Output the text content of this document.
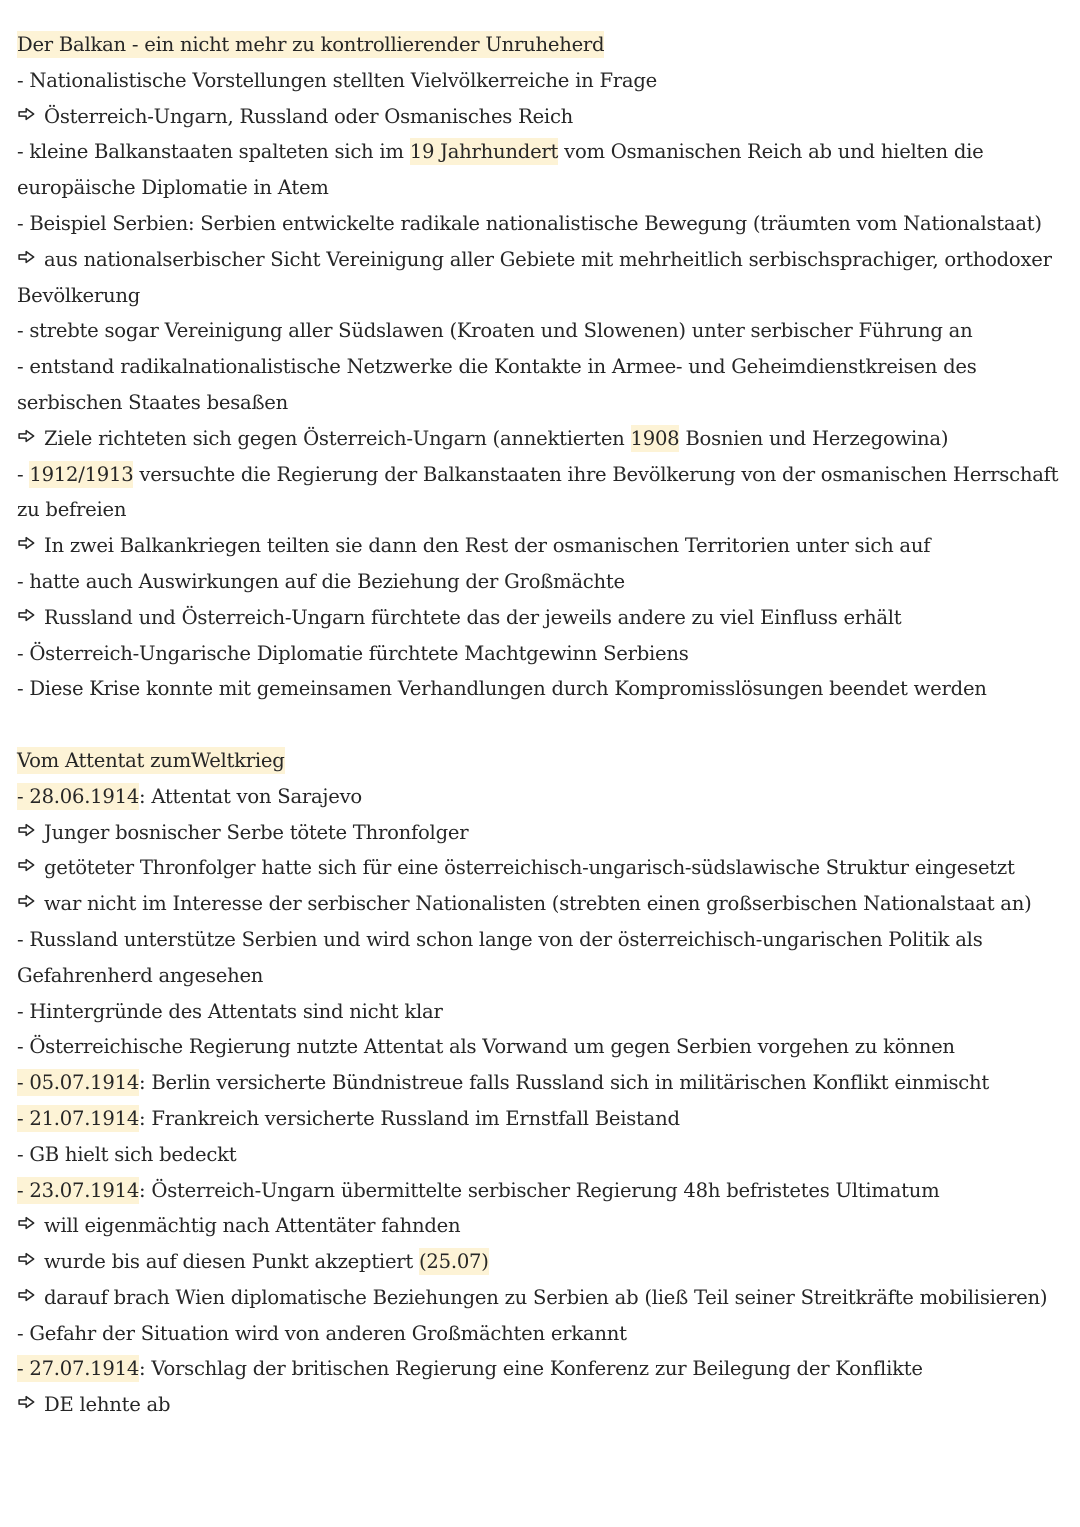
Der Balkan - ein nicht mehr zu kontrollierender Unruheherd
- Nationalistische Vorstellungen stellten Vielvölkerreiche in Frage
Österreich-Ungarn, Russland oder Osmanisches Reich
- kleine Balkanstaaten spalteten sich im 19 Jahrhundert vom Osmanischen Reich ab und hielten die
europäische Diplomatie in Atem
- Beispiel Serbien: Serbien entwickelte radikale nationalistische Bewegung (träumten vom Nationalstaat)
aus nationalserbischer Sicht Vereinigung aller Gebiete mit mehrheitlich serbischsprachiger, orthodoxer
Bevölkerung
- strebte sogar Vereinigung aller Südslawen (Kroaten und Slowenen) unter serbischer Führung an
- entstand radikalnationalistische Netzwerke die Kontakte in Armee- und Geheimdienstkreisen des
serbischen Staates besaßen
Ziele richteten sich gegen Österreich-Ungarn (annektierten 1908 Bosnien und Herzegowina)
- 1912/1913 versuchte die Regierung der Balkanstaaten ihre Bevölkerung von der osmanischen Herrschaft
zu befreien
In zwei Balkankriegen teilten sie dann den Rest der osmanischen Territorien unter sich auf
- hatte auch Auswirkungen auf die Beziehung der Großmächte
Russland und Österreich-Ungarn fürchtete das der jeweils andere zu viel Einfluss erhält
- Österreich-Ungarische Diplomatie fürchtete Machtgewinn Serbiens
- Diese Krise konnte mit gemeinsamen Verhandlungen durch Kompromisslösungen beendet werden
Vom Attentat zumWeltkrieg
- 28.06.1914: Attentat von Sarajevo
Junger bosnischer Serbe tötete Thronfolger
getöteter Thronfolger hatte sich für eine österreichisch-ungarisch-südslawische Struktur eingesetzt
war nicht im Interesse der serbischer Nationalisten (strebten einen großserbischen Nationalstaat an)
- Russland unterstütze Serbien und wird schon lange von der österreichisch-ungarischen Politik als
Gefahrenherd angesehen
- Hintergründe des Attentats sind nicht klar
- Österreichische Regierung nutzte Attentat als Vorwand um gegen Serbien vorgehen zu können
- 05.07.1914: Berlin versicherte Bündnistreue falls Russland sich in militärischen Konflikt einmischt
- 21.07.1914: Frankreich versicherte Russland im Ernstfall Beistand
- GB hielt sich bedeckt
- 23.07.1914: Österreich-Ungarn übermittelte serbischer Regierung 48h befristetes Ultimatum
will eigenmächtig nach Attentäter fahnden
wurde bis auf diesen Punkt akzeptiert (25.07)
darauf brach Wien diplomatische Beziehungen zu Serbien ab (ließ Teil seiner Streitkräfte mobilisieren)
- Gefahr der Situation wird von anderen Großmächten erkannt
- 27.07.1914: Vorschlag der britischen Regierung eine Konferenz zur Beilegung der Konflikte
DE lehnte ab
